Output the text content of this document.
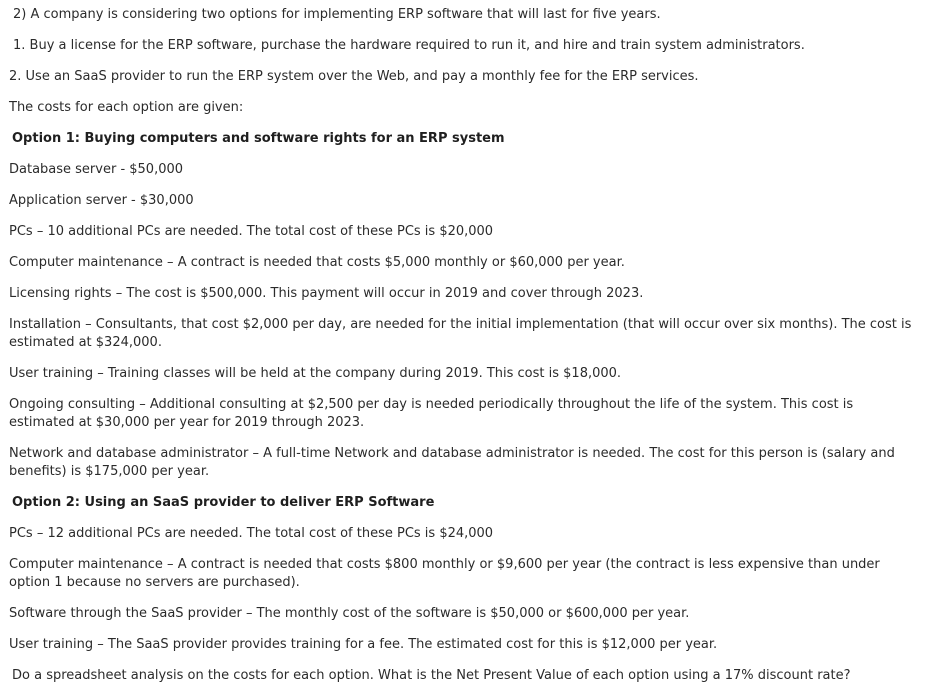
2) A company is considering two options for implementing ERP software that will last for five years.
1. Buy a license for the ERP software, purchase the hardware required to run it, and hire and train system administrators.
2. Use an SaaS provider to run the ERP system over the Web, and pay a monthly fee for the ERP services.
The costs for each option are given:
Option 1: Buying computers and software rights for an ERP system
Database server - $50,000
Application server - $30,000
PCs – 10 additional PCs are needed. The total cost of these PCs is $20,000
Computer maintenance – A contract is needed that costs $5,000 monthly or $60,000 per year.
Licensing rights – The cost is $500,000. This payment will occur in 2019 and cover through 2023.
Installation – Consultants, that cost $2,000 per day, are needed for the initial implementation (that will occur over six months). The cost is estimated at $324,000.
User training – Training classes will be held at the company during 2019. This cost is $18,000.
Ongoing consulting – Additional consulting at $2,500 per day is needed periodically throughout the life of the system. This cost is estimated at $30,000 per year for 2019 through 2023.
Network and database administrator – A full-time Network and database administrator is needed. The cost for this person is (salary and benefits) is $175,000 per year.
Option 2: Using an SaaS provider to deliver ERP Software
PCs – 12 additional PCs are needed. The total cost of these PCs is $24,000
Computer maintenance – A contract is needed that costs $800 monthly or $9,600 per year (the contract is less expensive than under option 1 because no servers are purchased).
Software through the SaaS provider – The monthly cost of the software is $50,000 or $600,000 per year.
User training – The SaaS provider provides training for a fee. The estimated cost for this is $12,000 per year.
Do a spreadsheet analysis on the costs for each option. What is the Net Present Value of each option using a 17% discount rate?
